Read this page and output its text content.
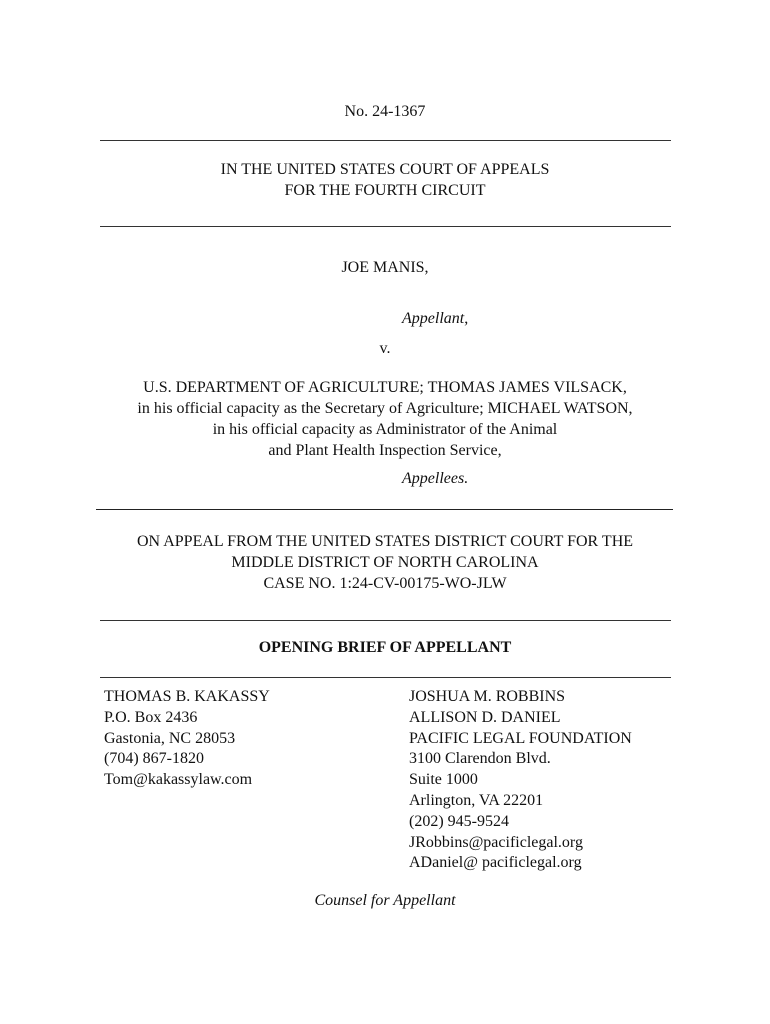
No. 24-1367
IN THE UNITED STATES COURT OF APPEALS
FOR THE FOURTH CIRCUIT
JOE MANIS,
Appellant,
v.
U.S. DEPARTMENT OF AGRICULTURE; THOMAS JAMES VILSACK,
in his official capacity as the Secretary of Agriculture; MICHAEL WATSON,
in his official capacity as Administrator of the Animal
and Plant Health Inspection Service,
Appellees.
ON APPEAL FROM THE UNITED STATES DISTRICT COURT FOR THE
MIDDLE DISTRICT OF NORTH CAROLINA
CASE NO. 1:24-CV-00175-WO-JLW
OPENING BRIEF OF APPELLANT
THOMAS B. KAKASSY
P.O. Box 2436
Gastonia, NC 28053
(704) 867-1820
Tom@kakassylaw.com
JOSHUA M. ROBBINS
ALLISON D. DANIEL
PACIFIC LEGAL FOUNDATION
3100 Clarendon Blvd.
Suite 1000
Arlington, VA 22201
(202) 945-9524
JRobbins@pacificlegal.org
ADaniel@ pacificlegal.org
Counsel for Appellant
